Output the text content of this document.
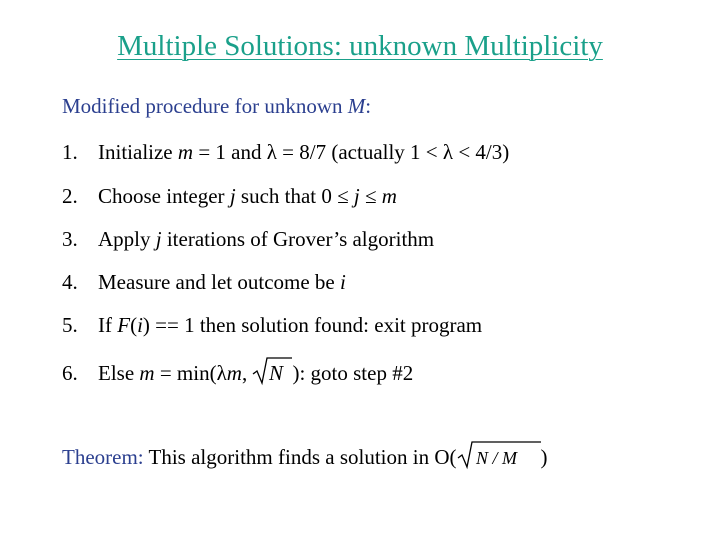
Multiple Solutions: unknown Multiplicity
Modified procedure for unknown M:
1. Initialize m = 1 and λ = 8/7 (actually 1 < λ < 4/3)
2. Choose integer j such that 0 ≤ j ≤ m
3. Apply j iterations of Grover’s algorithm
4. Measure and let outcome be i
5. If F(i) == 1 then solution found: exit program
6. Else m = min(λm, N ): goto step #2
Theorem: This algorithm finds a solution in O( N / M )
